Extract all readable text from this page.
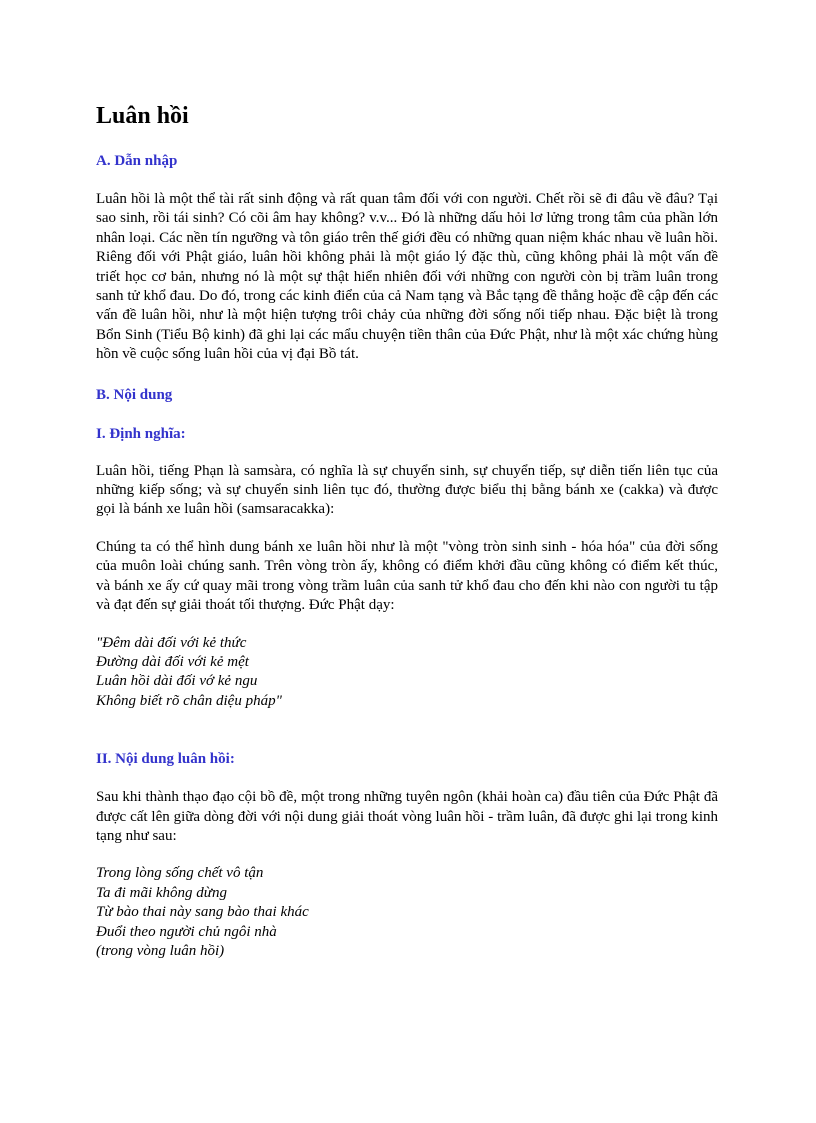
Luân hồi
A. Dẫn nhập

Luân hồi là một thể tài rất sinh động và rất quan tâm đối với con người. Chết rồi sẽ đi đâu về đâu? Tại sao sinh, rồi tái sinh? Có cõi âm hay không? v.v... Đó là những dấu hỏi lơ lửng trong tâm của phần lớn nhân loại. Các nền tín ngưỡng và tôn giáo trên thế giới đều có những quan niệm khác nhau về luân hồi. Riêng đối với Phật giáo, luân hồi không phải là một giáo lý đặc thù, cũng không phải là một vấn đề triết học cơ bản, nhưng nó là một sự thật hiển nhiên đối với những con người còn bị trầm luân trong sanh tử khổ đau. Do đó, trong các kinh điển của cả Nam tạng và Bắc tạng đề thẳng hoặc đề cập đến các vấn đề luân hồi, như là một hiện tượng trôi chảy của những đời sống nối tiếp nhau. Đặc biệt là trong Bổn Sinh (Tiểu Bộ kinh) đã ghi lại các mẩu chuyện tiền thân của Đức Phật, như là một xác chứng hùng hồn về cuộc sống luân hồi của vị đại Bồ tát.

B. Nội dung
I. Định nghĩa:

Luân hồi, tiếng Phạn là samsàra, có nghĩa là sự chuyển sinh, sự chuyển tiếp, sự diễn tiến liên tục của những kiếp sống; và sự chuyển sinh liên tục đó, thường được biểu thị bằng bánh xe (cakka) và được gọi là bánh xe luân hồi (samsaracakka):

Chúng ta có thể hình dung bánh xe luân hồi như là một "vòng tròn sinh sinh - hóa hóa" của đời sống của muôn loài chúng sanh. Trên vòng tròn ấy, không có điểm khởi đầu cũng không có điểm kết thúc, và bánh xe ấy cứ quay mãi trong vòng trầm luân của sanh tử khổ đau cho đến khi nào con người tu tập và đạt đến sự giải thoát tối thượng. Đức Phật dạy:

"Đêm dài đối với kẻ thức
Đường dài đối với kẻ mệt
Luân hồi dài đối vớ kẻ ngu
Không biết rõ chân diệu pháp"
II. Nội dung luân hồi:

Sau khi thành thạo đạo cội bồ đề, một trong những tuyên ngôn (khải hoàn ca) đầu tiên của Đức Phật đã được cất lên giữa dòng đời với nội dung giải thoát vòng luân hồi - trầm luân, đã được ghi lại trong kinh tạng như sau:

Trong lòng sống chết vô tận
Ta đi mãi không dừng
Từ bào thai này sang bào thai khác
Đuổi theo người chủ ngôi nhà
(trong vòng luân hồi)
